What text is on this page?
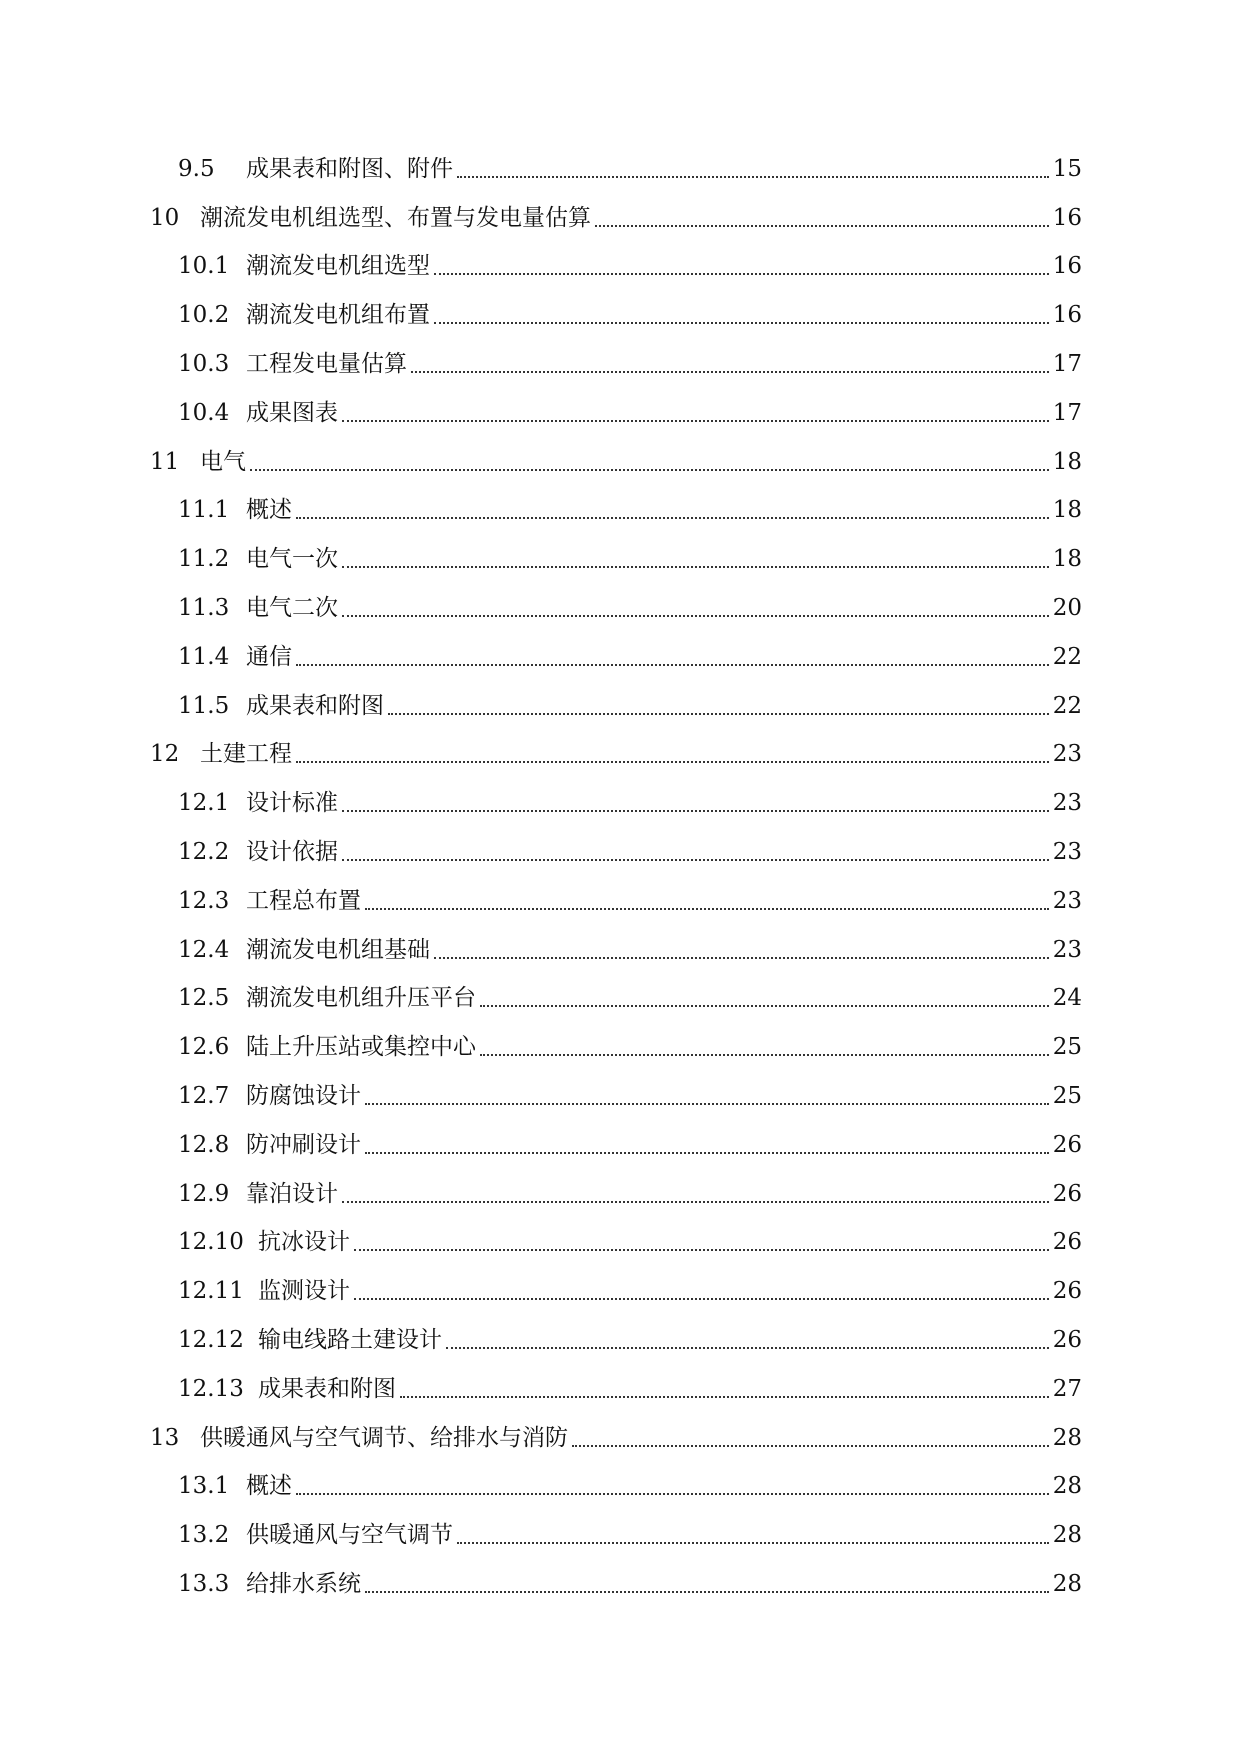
9.5	成果表和附图、附件	15
10 潮流发电机组选型、布置与发电量估算	16
10.1 潮流发电机组选型	16
10.2 潮流发电机组布置	16
10.3 工程发电量估算	17
10.4 成果图表	17
11 电气	18
11.1 概述	18
11.2 电气一次	18
11.3 电气二次	20
11.4 通信	22
11.5 成果表和附图	22
12 土建工程	23
12.1 设计标准	23
12.2 设计依据	23
12.3 工程总布置	23
12.4 潮流发电机组基础	23
12.5 潮流发电机组升压平台	24
12.6 陆上升压站或集控中心	25
12.7 防腐蚀设计	25
12.8 防冲刷设计	26
12.9 靠泊设计	26
12.10 抗冰设计	26
12.11 监测设计	26
12.12 输电线路土建设计	26
12.13 成果表和附图	27
13 供暖通风与空气调节、给排水与消防	28
13.1 概述	28
13.2 供暖通风与空气调节	28
13.3 给排水系统	28
